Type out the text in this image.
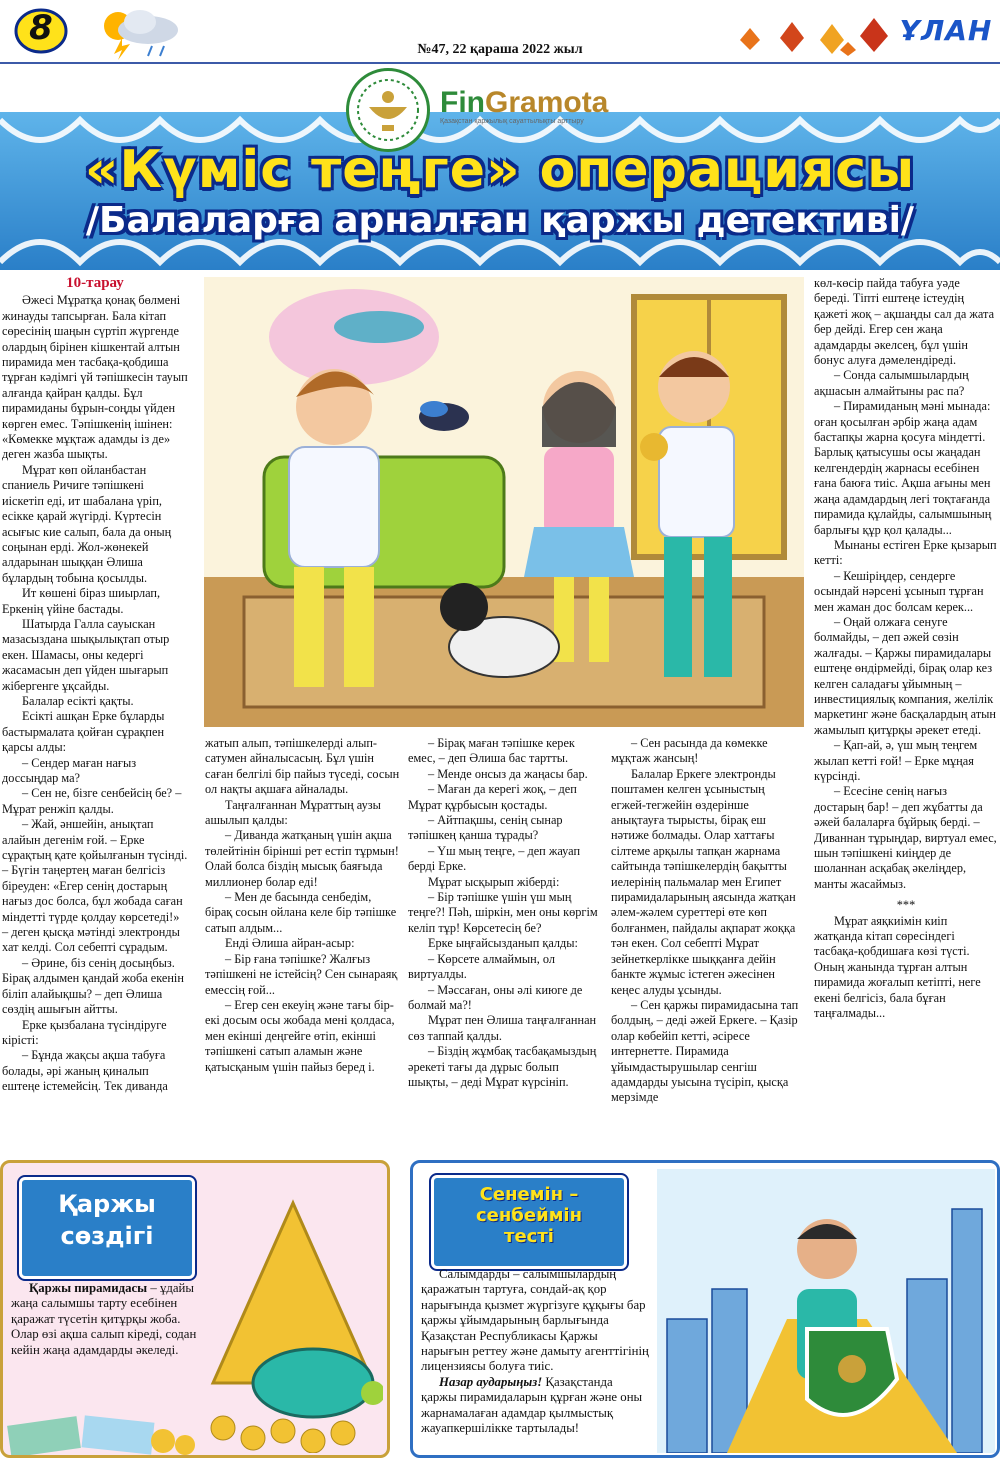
8
№47, 22 қараша 2022 жыл
ҰЛАН
FinGramota
Қазақстан қаржылық сауаттылықты арттыру
«Күміс теңге» операциясы
/Балаларға арналған қаржы детективі/

10-тарау

Әжесі Мұратқа қонақ бөлмені жинауды тапсырған. Бала кітап сөресінің шаңын сүртіп жүргенде олардың бірінен кішкентай алтын пирамида мен тасбақа-қобдиша тұрған кәдімгі үй тәпішкесін тауып алғанда қайран қалды. Бұл пирамиданы бұрын-соңды үйден көрген емес. Тәпішкенің ішінен: «Көмекке мұқтаж адамды із де» деген жазба шықты.

Мұрат көп ойланбастан спаниель Ричиге тәпішкені иіскетіп еді, ит шабалана үріп, есікке қарай жүгірді. Күртесін асығыс киe салып, бала да оның соңынан ерді. Жол-жөнекей алдарынан шыққан Әлиша бұлардың тобына қосылды.

Ит көшені біраз шиырлап, Еркенің үйіне бастады.

Шатырда Галла сауыскан мазасыздана шықылықтап отыр екен. Шамасы, оны кедергі жасамасын деп үйден шығарып жібергенге ұқсайды.

Балалар есікті қақты.

Есікті ашқан Ерке бұларды бастырмалата қойған сұрақпен қарсы алды:

– Сендер маған нағыз доссыңдар ма?

– Сен не, бізге сенбейсің бе? – Мұрат ренжіп қалды.

– Жай, әншейін, анықтап алайын дегенім ғой. – Ерке сұрақтың қате қойылғанын түсінді. – Бүгін таңертең маған белгісіз біреуден: «Егер сенің достарың нағыз дос болса, бұл жобада саған міндетті түрде қолдау көрсетеді!» – деген қысқа мәтінді электронды хат келді. Сол себепті сұрадым.

– Әрине, біз сенің досыңбыз. Бірақ алдымен қандай жоба екенін біліп алайықшы? – деп Әлиша сөздің ашығын айтты.

Ерке қызбалана түсіндіруге кірісті:

– Бұнда жақсы ақша табуға болады, әрі жаның қиналып ештеңе істемейсің. Тек диванда

жатып алып, тәпішкелерді алып-сатумен айналысасың. Бұл үшін саған белгілі бір пайыз түседі, сосын ол нақты ақшаға айналады.

Таңғалғаннан Мұраттың аузы ашылып қалды:

– Диванда жатқаның үшін ақша төлейтінін бірінші рет естіп тұрмын! Олай болса біздің мысық баяғыда миллионер болар еді!

– Мен де басында сенбедім, бірақ сосын ойлана келе бір тәпішке сатып алдым...

Енді Әлиша айран-асыр:

– Бір ғана тәпішке? Жалғыз тәпішкені не істейсің? Сен сынараяқ емессің ғой...

– Егер сен екеуің және тағы бір-екі досым осы жобада мені қолдаса, мен екінші деңгейге өтіп, екінші тәпішкені сатып аламын және қатысқаным үшін пайыз беред і.

– Бірақ маған тәпішке керек емес, – деп Әлиша бас тартты.

– Менде онсыз да жаңасы бар.

– Маған да керегі жоқ, – деп Мұрат құрбысын қостады.

– Айтпақшы, сенің сынар тәпішкең қанша тұрады?

– Үш мың теңге, – деп жауап берді Ерке.

Мұрат ысқырып жіберді:

– Бір тәпішке үшін үш мың теңге?! Пəh, шіркін, мен оны көргім келіп тұр! Көрсетесің бе?

Ерке ыңғайсызданып қалды:

– Көрсете алмаймын, ол виртуалды.

– Мәссаған, оны әлі киюге де болмай ма?!

Мұрат пен Әлиша таңғалғаннан сөз таппай қалды.

– Біздің жұмбақ тасбақамыздың әрекеті тағы да дұрыс болып шықты, – деді Мұрат күрсініп.

– Сен расында да көмекке мұқтаж жансың!

Балалар Еркеге электронды поштамен келген ұсыныстың егжей-тегжейін өздерінше анықтауға тырысты, бірақ еш нәтиже болмады. Олар хаттағы сілтеме арқылы тапқан жарнама сайтында тәпішкелердің бақытты иелерінің пальмалар мен Египет пирамидаларының аясында жатқан әлем-жәлем суреттері өте көп болғанмен, пайдалы ақпарат жоққа тән екен. Сол себепті Мұрат зейнеткерлікке шыққанға дейін банкте жұмыс істеген әжесінен кеңес алуды ұсынды.

– Сен қаржы пирамидасына тап болдың, – деді әжей Еркеге. – Қазір олар көбейіп кетті, әсіресе интернетте. Пирамида ұйымдастырушылар сенгіш адамдарды уысына түсіріп, қысқа мерзімде

көл-көсір пайда табуға уәде береді. Тіпті ештеңе істеудің қажеті жоқ – ақшаңды сал да жата бер дейді. Егер сен жаңа адамдарды әкелсең, бұл үшін бонус алуға дәмелендіреді.

– Сонда салымшылардың ақшасын алмайтыны рас па?

– Пирамиданың мәні мынада: оған қосылған әрбір жаңа адам бастапқы жарна қосуға міндетті. Барлық қатысушы осы жаңадан келгендердің жарнасы есебінен ғана баюға тиіс. Ақша ағыны мен жаңа адамдардың легі тоқтағанда пирамида құлайды, салымшының барлығы құр қол қалады...

Мынаны естіген Ерке қызарып кетті:

– Кешіріңдер, сендерге осындай нәрсені ұсынып тұрған мен жаман дос болсам керек...

– Оңай олжаға сенуге болмайды, – деп әжей сөзін жалғады. – Қаржы пирамидалары ештеңе өндірмейді, бірақ олар кез келген саладағы ұйымның – инвестициялық компания, желілік маркетинг және басқалардың атын жамылып қитұрқы әрекет етеді.

– Қап-ай, ә, үш мың теңгем жылап кетті ғой! – Ерке мұңая күрсінді.

– Есесіне сенің нағыз достарың бар! – деп жұбатты да әжей балаларға бұйрық берді. – Диваннан тұрыңдар, виртуал емес, шын тәпішкені киіңдер де шоланнан асқабақ әкеліңдер, манты жасаймыз.

***

Мұрат аяқкиімін киіп жатқанда кітап сөресіндегі тасбақа-қобдишаға көзі түсті. Оның жанында тұрған алтын пирамида жоғалып кетіпті, неге екені белгісіз, бала бұған таңғалмады...

Қаржы
сөздігі

Қаржы пирамидасы – ұдайы жаңа салымшы тарту есебінен қаражат түсетін қитұрқы жоба. Олар өзі ақша салып кіреді, содан кейін жаңа адамдарды әкеледі.

Сенемін –
сенбеймін
тесті

Салымдарды – салымшылардың қаражатын тартуға, сондай-ақ қор нарығында қызмет жүргізуге құқығы бар қаржы ұйымдарының барлығында Қазақстан Республикасы Қаржы нарығын реттеу және дамыту агенттігінің лицензиясы болуға тиіс.

Назар аударыңыз! Қазақстанда қаржы пирамидаларын құрған және оны жарнамалаған адамдар қылмыстық жауапкершілікке тартылады!
